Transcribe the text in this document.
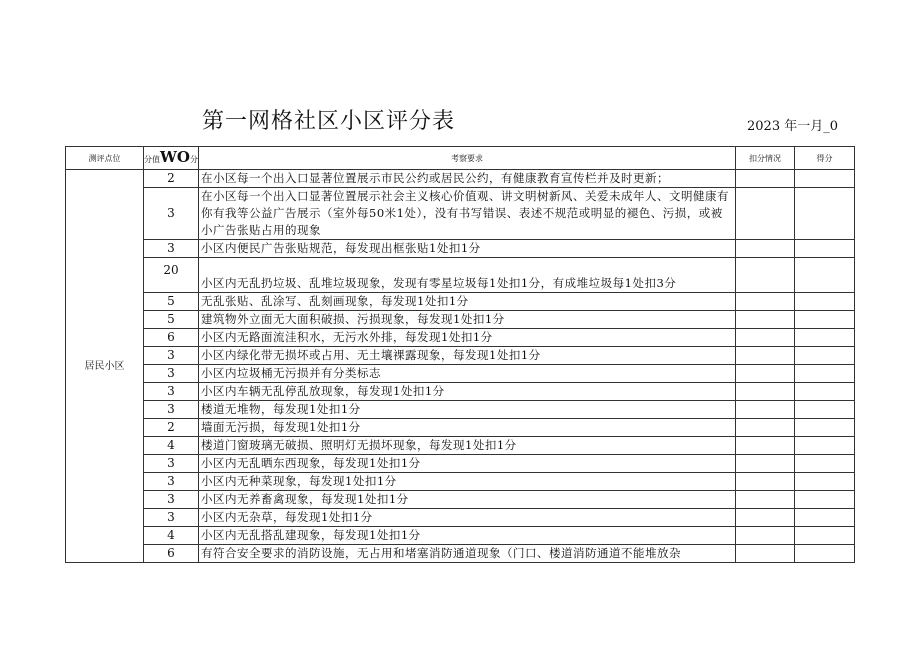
第一网格社区小区评分表	2023 年一月_0
测评点位	分值WO分	考察要求	扣分情况	得分
居民小区	2	在小区每一个出入口显著位置展示市民公约或居民公约，有健康教育宣传栏并及时更新；		
	3	在小区每一个出入口显著位置展示社会主义核心价值观、讲文明树新风、关爱未成年人、文明健康有你有我等公益广告展示（室外每50米1处），没有书写错误、表述不规范或明显的褪色、污损，或被小广告张贴占用的现象		
	3	小区内便民广告张贴规范，每发现出框张贴1处扣1分		
	20	小区内无乱扔垃圾、乱堆垃圾现象，发现有零星垃圾每1处扣1分，有成堆垃圾每1处扣3分		
	5	无乱张贴、乱涂写、乱刻画现象，每发现1处扣1分		
	5	建筑物外立面无大面积破损、污损现象，每发现1处扣1分		
	6	小区内无路面流洼积水，无污水外排，每发现1处扣1分		
	3	小区内绿化带无损坏或占用、无土壤裸露现象，每发现1处扣1分		
	3	小区内垃圾桶无污损并有分类标志		
	3	小区内车辆无乱停乱放现象，每发现1处扣1分		
	3	楼道无堆物，每发现1处扣1分		
	2	墙面无污损，每发现1处扣1分		
	4	楼道门窗玻璃无破损、照明灯无损坏现象，每发现1处扣1分		
	3	小区内无乱晒东西现象，每发现1处扣1分		
	3	小区内无种菜现象，每发现1处扣1分		
	3	小区内无养畜禽现象，每发现1处扣1分		
	3	小区内无杂草，每发现1处扣1分		
	4	小区内无乱搭乱建现象，每发现1处扣1分		
	6	有符合安全要求的消防设施，无占用和堵塞消防通道现象（门口、楼道消防通道不能堆放杂		
